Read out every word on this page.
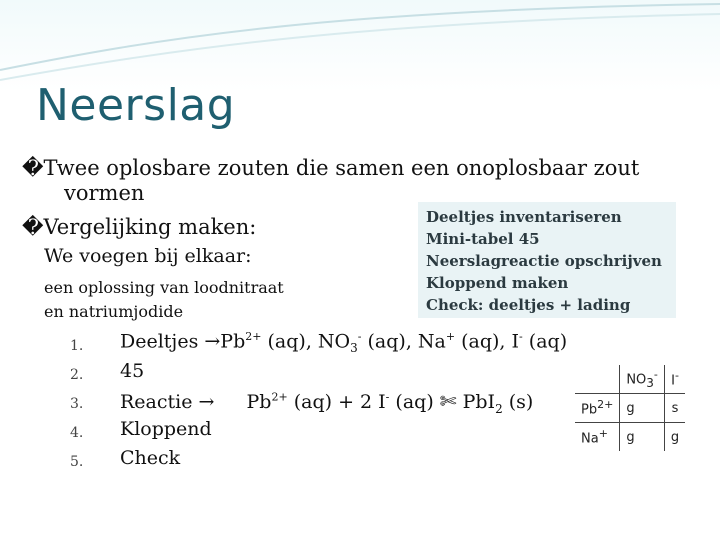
Neerslag
�Twee oplosbare zouten die samen een onoplosbaar zout
vormen
�Vergelijking maken:
We voegen bij elkaar:
een oplossing van loodnitraat
en natriumjodide
Deeltjes inventariseren
Mini-tabel 45
Neerslagreactie opschrijven
Kloppend maken
Check: deeltjes + lading
1. Deeltjes $\to Pb^{2+}$ (aq), $NO_3^-$ (aq), Na+ (aq), I- (aq)
2. 45
3. Reactie → $Pb^{2+}$ (aq) + 2 I- (aq) ✄ PbI$_2$ (s)
4. Kloppend
5. Check
	$NO_3^-$	I-
$Pb^{2+}$	g	s
Na+	g	g
